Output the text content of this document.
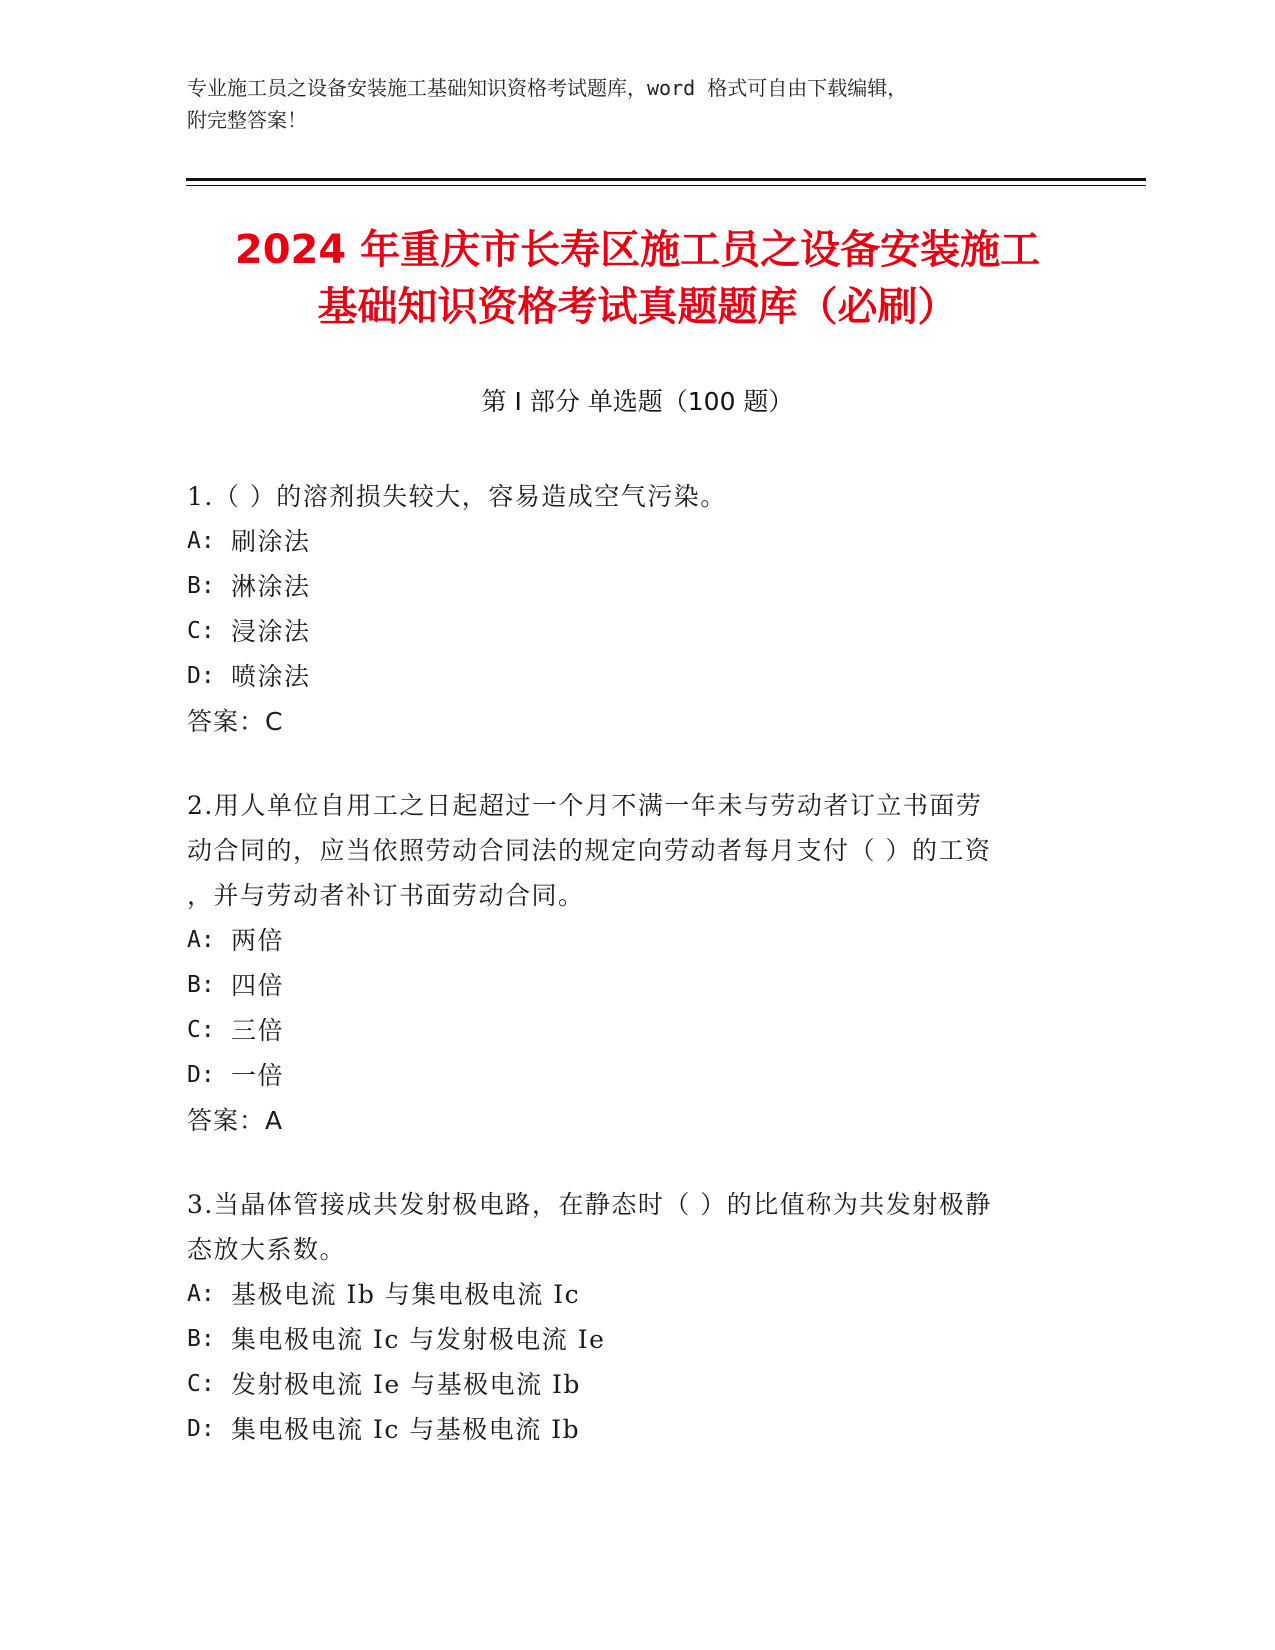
专业施工员之设备安装施工基础知识资格考试题库，word 格式可自由下载编辑，
附完整答案！
2024 年重庆市长寿区施工员之设备安装施工
基础知识资格考试真题题库（必刷）
第 I 部分 单选题（100 题）
1.（ ）的溶剂损失较大，容易造成空气污染。
A: 刷涂法
B: 淋涂法
C: 浸涂法
D: 喷涂法
答案：C
2.用人单位自用工之日起超过一个月不满一年未与劳动者订立书面劳
动合同的，应当依照劳动合同法的规定向劳动者每月支付（ ）的工资
，并与劳动者补订书面劳动合同。
A: 两倍
B: 四倍
C: 三倍
D: 一倍
答案：A
3.当晶体管接成共发射极电路，在静态时（ ）的比值称为共发射极静
态放大系数。
A: 基极电流 Ib 与集电极电流 Ic
B: 集电极电流 Ic 与发射极电流 Ie
C: 发射极电流 Ie 与基极电流 Ib
D: 集电极电流 Ic 与基极电流 Ib
